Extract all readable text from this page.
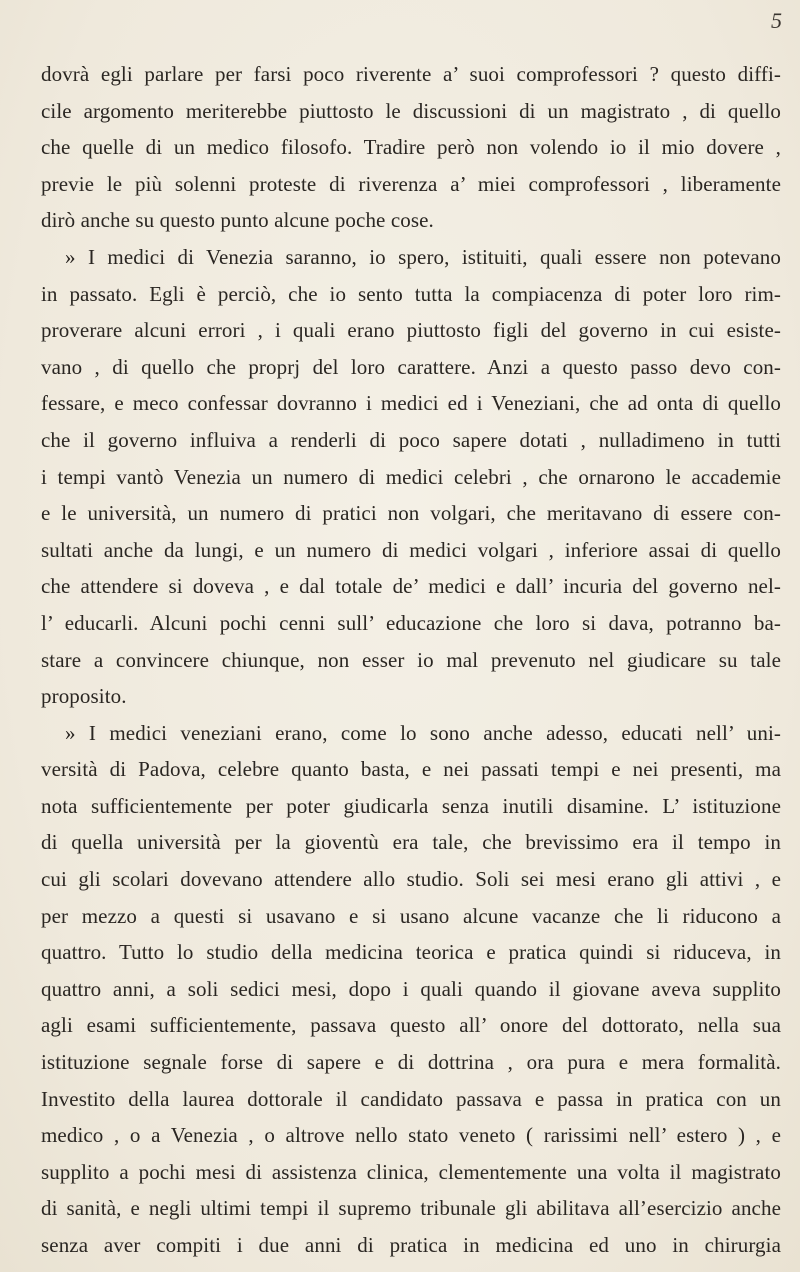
5
dovrà egli parlare per farsi poco riverente a’ suoi comprofessori ? questo diffi-
cile argomento meriterebbe piuttosto le discussioni di un magistrato , di quello
che quelle di un medico filosofo. Tradire però non volendo io il mio dovere ,
previe le più solenni proteste di riverenza a’ miei comprofessori , liberamente
dirò anche su questo punto alcune poche cose.
» I medici di Venezia saranno, io spero, istituiti, quali essere non potevano
in passato. Egli è perciò, che io sento tutta la compiacenza di poter loro rim-
proverare alcuni errori , i quali erano piuttosto figli del governo in cui esiste-
vano , di quello che proprj del loro carattere. Anzi a questo passo devo con-
fessare, e meco confessar dovranno i medici ed i Veneziani, che ad onta di quello
che il governo influiva a renderli di poco sapere dotati , nulladimeno in tutti
i tempi vantò Venezia un numero di medici celebri , che ornarono le accademie
e le università, un numero di pratici non volgari, che meritavano di essere con-
sultati anche da lungi, e un numero di medici volgari , inferiore assai di quello
che attendere si doveva , e dal totale de’ medici e dall’ incuria del governo nel-
l’ educarli. Alcuni pochi cenni sull’ educazione che loro si dava, potranno ba-
stare a convincere chiunque, non esser io mal prevenuto nel giudicare su tale
proposito.
» I medici veneziani erano, come lo sono anche adesso, educati nell’ uni-
versità di Padova, celebre quanto basta, e nei passati tempi e nei presenti, ma
nota sufficientemente per poter giudicarla senza inutili disamine. L’ istituzione
di quella università per la gioventù era tale, che brevissimo era il tempo in
cui gli scolari dovevano attendere allo studio. Soli sei mesi erano gli attivi , e
per mezzo a questi si usavano e si usano alcune vacanze che li riducono a
quattro. Tutto lo studio della medicina teorica e pratica quindi si riduceva, in
quattro anni, a soli sedici mesi, dopo i quali quando il giovane aveva supplito
agli esami sufficientemente, passava questo all’ onore del dottorato, nella sua
istituzione segnale forse di sapere e di dottrina , ora pura e mera formalità.
Investito della laurea dottorale il candidato passava e passa in pratica con un
medico , o a Venezia , o altrove nello stato veneto ( rarissimi nell’ estero ) , e
supplito a pochi mesi di assistenza clinica, clementemente una volta il magistrato
di sanità, e negli ultimi tempi il supremo tribunale gli abilitava all’esercizio anche
senza aver compiti i due anni di pratica in medicina ed uno in chirurgia
